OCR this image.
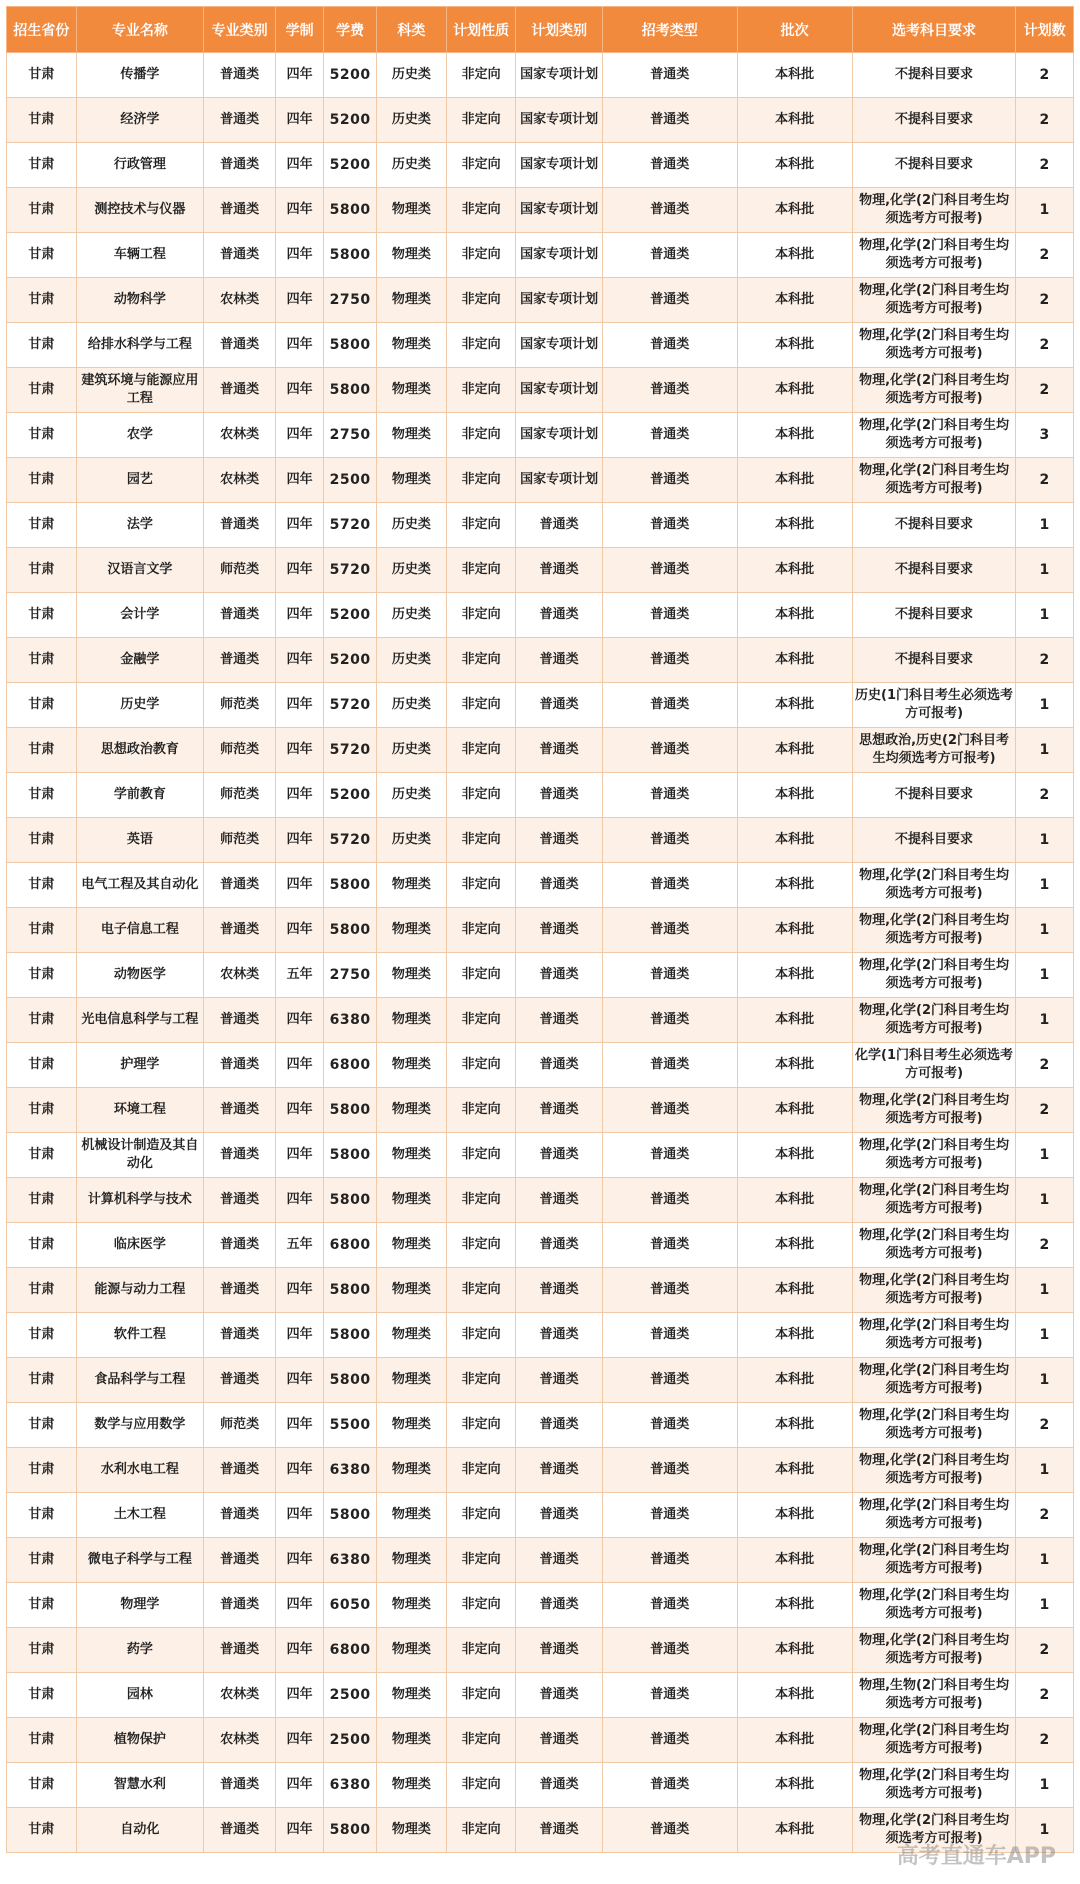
招生省份	专业名称	专业类别	学制	学费	科类	计划性质	计划类别	招考类型	批次	选考科目要求	计划数
甘肃	传播学	普通类	四年	5200	历史类	非定向	国家专项计划	普通类	本科批	不提科目要求	2
甘肃	经济学	普通类	四年	5200	历史类	非定向	国家专项计划	普通类	本科批	不提科目要求	2
甘肃	行政管理	普通类	四年	5200	历史类	非定向	国家专项计划	普通类	本科批	不提科目要求	2
甘肃	测控技术与仪器	普通类	四年	5800	物理类	非定向	国家专项计划	普通类	本科批	物理,化学(2门科目考生均须选考方可报考)	1
甘肃	车辆工程	普通类	四年	5800	物理类	非定向	国家专项计划	普通类	本科批	物理,化学(2门科目考生均须选考方可报考)	2
甘肃	动物科学	农林类	四年	2750	物理类	非定向	国家专项计划	普通类	本科批	物理,化学(2门科目考生均须选考方可报考)	2
甘肃	给排水科学与工程	普通类	四年	5800	物理类	非定向	国家专项计划	普通类	本科批	物理,化学(2门科目考生均须选考方可报考)	2
甘肃	建筑环境与能源应用工程	普通类	四年	5800	物理类	非定向	国家专项计划	普通类	本科批	物理,化学(2门科目考生均须选考方可报考)	2
甘肃	农学	农林类	四年	2750	物理类	非定向	国家专项计划	普通类	本科批	物理,化学(2门科目考生均须选考方可报考)	3
甘肃	园艺	农林类	四年	2500	物理类	非定向	国家专项计划	普通类	本科批	物理,化学(2门科目考生均须选考方可报考)	2
甘肃	法学	普通类	四年	5720	历史类	非定向	普通类	普通类	本科批	不提科目要求	1
甘肃	汉语言文学	师范类	四年	5720	历史类	非定向	普通类	普通类	本科批	不提科目要求	1
甘肃	会计学	普通类	四年	5200	历史类	非定向	普通类	普通类	本科批	不提科目要求	1
甘肃	金融学	普通类	四年	5200	历史类	非定向	普通类	普通类	本科批	不提科目要求	2
甘肃	历史学	师范类	四年	5720	历史类	非定向	普通类	普通类	本科批	历史(1门科目考生必须选考方可报考)	1
甘肃	思想政治教育	师范类	四年	5720	历史类	非定向	普通类	普通类	本科批	思想政治,历史(2门科目考生均须选考方可报考)	1
甘肃	学前教育	师范类	四年	5200	历史类	非定向	普通类	普通类	本科批	不提科目要求	2
甘肃	英语	师范类	四年	5720	历史类	非定向	普通类	普通类	本科批	不提科目要求	1
甘肃	电气工程及其自动化	普通类	四年	5800	物理类	非定向	普通类	普通类	本科批	物理,化学(2门科目考生均须选考方可报考)	1
甘肃	电子信息工程	普通类	四年	5800	物理类	非定向	普通类	普通类	本科批	物理,化学(2门科目考生均须选考方可报考)	1
甘肃	动物医学	农林类	五年	2750	物理类	非定向	普通类	普通类	本科批	物理,化学(2门科目考生均须选考方可报考)	1
甘肃	光电信息科学与工程	普通类	四年	6380	物理类	非定向	普通类	普通类	本科批	物理,化学(2门科目考生均须选考方可报考)	1
甘肃	护理学	普通类	四年	6800	物理类	非定向	普通类	普通类	本科批	化学(1门科目考生必须选考方可报考)	2
甘肃	环境工程	普通类	四年	5800	物理类	非定向	普通类	普通类	本科批	物理,化学(2门科目考生均须选考方可报考)	2
甘肃	机械设计制造及其自动化	普通类	四年	5800	物理类	非定向	普通类	普通类	本科批	物理,化学(2门科目考生均须选考方可报考)	1
甘肃	计算机科学与技术	普通类	四年	5800	物理类	非定向	普通类	普通类	本科批	物理,化学(2门科目考生均须选考方可报考)	1
甘肃	临床医学	普通类	五年	6800	物理类	非定向	普通类	普通类	本科批	物理,化学(2门科目考生均须选考方可报考)	2
甘肃	能源与动力工程	普通类	四年	5800	物理类	非定向	普通类	普通类	本科批	物理,化学(2门科目考生均须选考方可报考)	1
甘肃	软件工程	普通类	四年	5800	物理类	非定向	普通类	普通类	本科批	物理,化学(2门科目考生均须选考方可报考)	1
甘肃	食品科学与工程	普通类	四年	5800	物理类	非定向	普通类	普通类	本科批	物理,化学(2门科目考生均须选考方可报考)	1
甘肃	数学与应用数学	师范类	四年	5500	物理类	非定向	普通类	普通类	本科批	物理,化学(2门科目考生均须选考方可报考)	2
甘肃	水利水电工程	普通类	四年	6380	物理类	非定向	普通类	普通类	本科批	物理,化学(2门科目考生均须选考方可报考)	1
甘肃	土木工程	普通类	四年	5800	物理类	非定向	普通类	普通类	本科批	物理,化学(2门科目考生均须选考方可报考)	2
甘肃	微电子科学与工程	普通类	四年	6380	物理类	非定向	普通类	普通类	本科批	物理,化学(2门科目考生均须选考方可报考)	1
甘肃	物理学	普通类	四年	6050	物理类	非定向	普通类	普通类	本科批	物理,化学(2门科目考生均须选考方可报考)	1
甘肃	药学	普通类	四年	6800	物理类	非定向	普通类	普通类	本科批	物理,化学(2门科目考生均须选考方可报考)	2
甘肃	园林	农林类	四年	2500	物理类	非定向	普通类	普通类	本科批	物理,生物(2门科目考生均须选考方可报考)	2
甘肃	植物保护	农林类	四年	2500	物理类	非定向	普通类	普通类	本科批	物理,化学(2门科目考生均须选考方可报考)	2
甘肃	智慧水利	普通类	四年	6380	物理类	非定向	普通类	普通类	本科批	物理,化学(2门科目考生均须选考方可报考)	1
甘肃	自动化	普通类	四年	5800	物理类	非定向	普通类	普通类	本科批	物理,化学(2门科目考生均须选考方可报考)	1
高考直通车APP
